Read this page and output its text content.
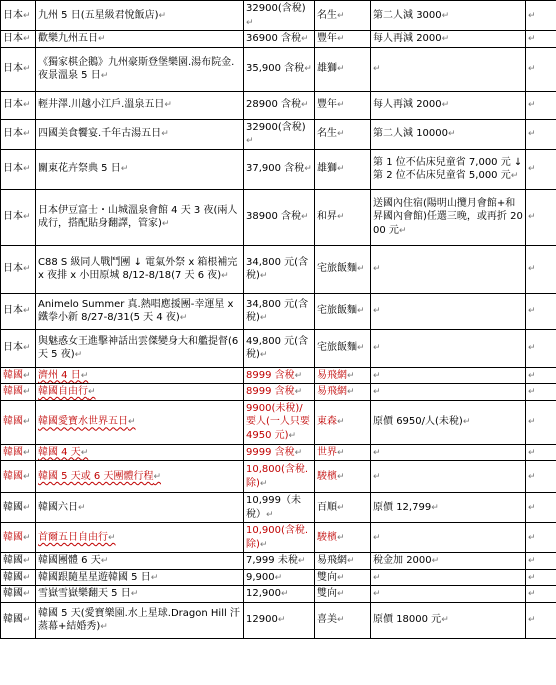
日本↵	九州 5 日(五星級君悅飯店)↵	32900(含稅)↵	名生↵	第二人減 3000↵	↵
日本↵	歡樂九州五日↵	36900 含稅↵	豐年↵	每人再減 2000↵	↵
日本↵	《獨家棋企鵝》九州豪斯登堡樂園.湯布院金.夜景溫泉 5 日↵	35,900 含稅↵	雄獅↵	↵	↵
日本↵	輕井澤.川越小江戶.溫泉五日↵	28900 含稅↵	豐年↵	每人再減 2000↵	↵
日本↵	四國美食饗宴.千年古湯五日↵	32900(含稅)↵	名生↵	第二人減 10000↵	↵
日本↵	關東花卉祭典 5 日↵	37,900 含稅↵	雄獅↵	第 1 位不佔床兒童省 7,000 元 ↓ 第 2 位不佔床兒童省 5,000 元↵	↵
日本↵	日本伊豆富士・山城溫泉會館 4 天 3 夜(兩人成行，搭配貼身翻譯，管家)↵	38900 含稅↵	和昇↵	送國內住宿(陽明山攬月會館+和昇國內會館)任選三晚，或再折 2000 元↵	↵
日本↵	C88 S 級同人戰鬥團 ↓ 電氣外祭 x 箱根補完 x 夜排 x 小田原城 8/12-8/18(7 天 6 夜)↵	34,800 元(含稅)↵	宅旅飯麵↵	↵	↵
日本↵	Animelo Summer 真.熱唱應援團-幸運星 x 鐵拳小新 8/27-8/31(5 天 4 夜)↵	34,800 元(含稅)↵	宅旅飯麵↵	↵	↵
日本↵	與魅惑女王進擊神話出雲傑變身大和艦提督(6 天 5 夜)↵	49,800 元(含稅)↵	宅旅飯麵↵	↵	↵
韓國↵	濟州 4 日↵	8999 含稅↵	易飛網↵	↵	↵
韓國↵	韓國自由行↵	8999 含稅↵	易飛網↵	↵	↵
韓國↵	韓國愛寶水世界五日↵	9900(未稅)/要人(一人只要 4950 元)↵	東森↵	原價 6950/人(未稅)↵	↵
韓國↵	韓國 4 天↵	9999 含稅↵	世界↵	↵	↵
韓國↵	韓國 5 天或 6 天團體行程↵	10,800(含稅.除)↵	駿檳↵	↵	↵
韓國↵	韓國六日↵	10,999（未稅）↵	百順↵	原價 12,799↵	↵
韓國↵	首爾五日自由行↵	10,900(含稅.除)↵	駿檳↵	↵	↵
韓國↵	韓國團體 6 天↵	7,999 未稅↵	易飛網↵	稅金加 2000↵	↵
韓國↵	韓國跟隨星星遊韓國 5 日↵	9,900↵	雙向↵	↵	↵
韓國↵	雪嶽雪嶽樂翻天 5 日↵	12,900↵	雙向↵	↵	↵
韓國↵	韓國 5 天(愛寶樂園.水上星球.Dragon Hill 汗蒸幕+結婚秀)↵	12900↵	喜美↵	原價 18000 元↵	↵
